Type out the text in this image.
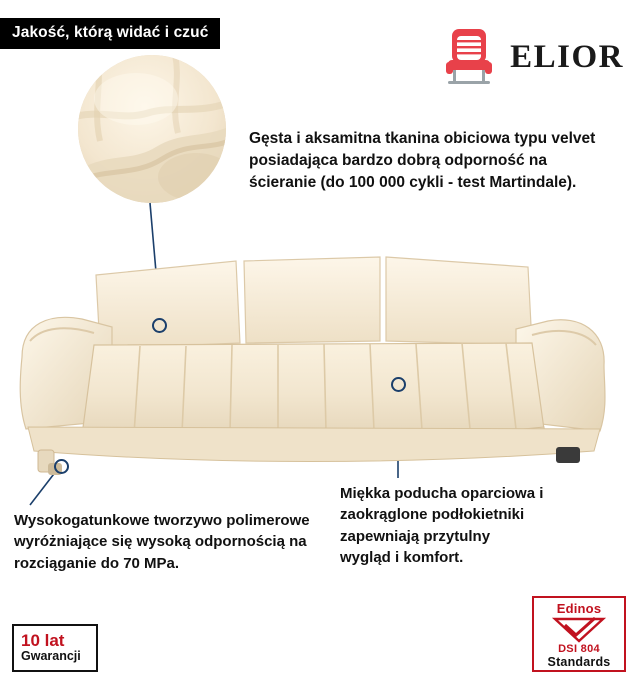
Jakość, którą widać i czuć
ELIOR
Gęsta i aksamitna tkanina obiciowa typu velvet posiadająca bardzo dobrą odporność na ścieranie (do 100 000 cykli - test Martindale).
Wysokogatunkowe tworzywo polimerowe wyróżniające się wysoką odpornością na rozciąganie do 70 MPa.
Miękka poducha oparciowa i zaokrąglone podłokietniki zapewniają przytulny wygląd i komfort.
10 lat
Gwarancji
Edinos
DSI 804
Standards
